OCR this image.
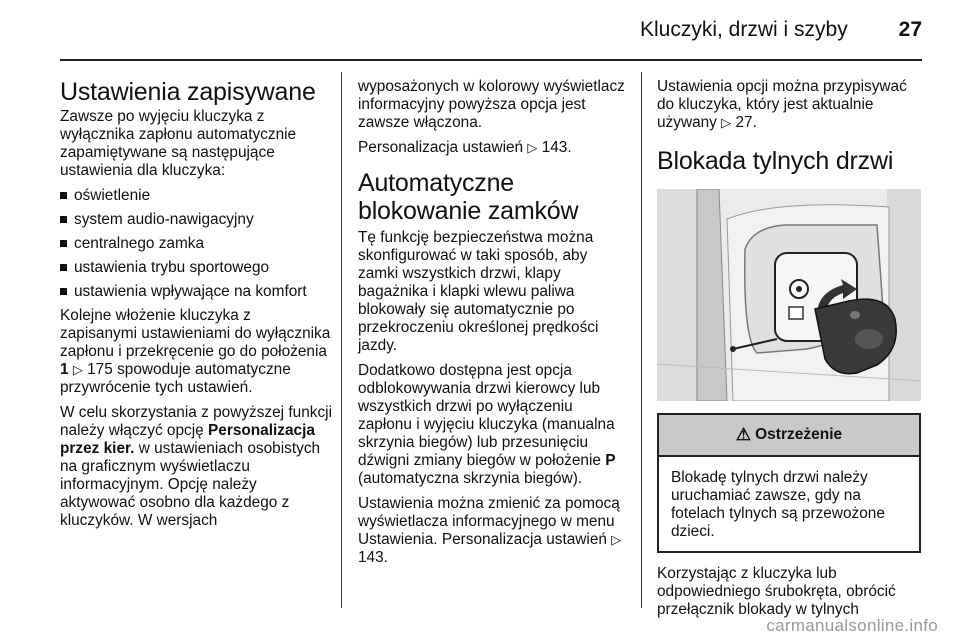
Kluczyki, drzwi i szyby 27
Ustawienia zapisywane
Zawsze po wyjęciu kluczyka z wyłącznika zapłonu automatycznie zapamiętywane są następujące ustawienia dla kluczyka:
oświetlenie
system audio-nawigacyjny
centralnego zamka
ustawienia trybu sportowego
ustawienia wpływające na komfort
Kolejne włożenie kluczyka z zapisanymi ustawieniami do wyłącznika zapłonu i przekręcenie go do położenia 1 ▷ 175 spowoduje automatyczne przywrócenie tych ustawień.
W celu skorzystania z powyższej funkcji należy włączyć opcję Personalizacja przez kier. w ustawieniach osobistych na graficznym wyświetlaczu informacyjnym. Opcję należy aktywować osobno dla każdego z kluczyków. W wersjach
wyposażonych w kolorowy wyświetlacz informacyjny powyższa opcja jest zawsze włączona.
Personalizacja ustawień ▷ 143.
Automatyczne blokowanie zamków
Tę funkcję bezpieczeństwa można skonfigurować w taki sposób, aby zamki wszystkich drzwi, klapy bagażnika i klapki wlewu paliwa blokowały się automatycznie po przekroczeniu określonej prędkości jazdy.
Dodatkowo dostępna jest opcja odblokowywania drzwi kierowcy lub wszystkich drzwi po wyłączeniu zapłonu i wyjęciu kluczyka (manualna skrzynia biegów) lub przesunięciu dźwigni zmiany biegów w położenie P (automatyczna skrzynia biegów).
Ustawienia można zmienić za pomocą wyświetlacza informacyjnego w menu Ustawienia. Personalizacja ustawień ▷ 143.
Ustawienia opcji można przypisywać do kluczyka, który jest aktualnie używany ▷ 27.
Blokada tylnych drzwi
⚠ Ostrzeżenie
Blokadę tylnych drzwi należy uruchamiać zawsze, gdy na fotelach tylnych są przewożone dzieci.
Korzystając z kluczyka lub odpowiedniego śrubokręta, obrócić przełącznik blokady w tylnych
carmanualsonline.info
